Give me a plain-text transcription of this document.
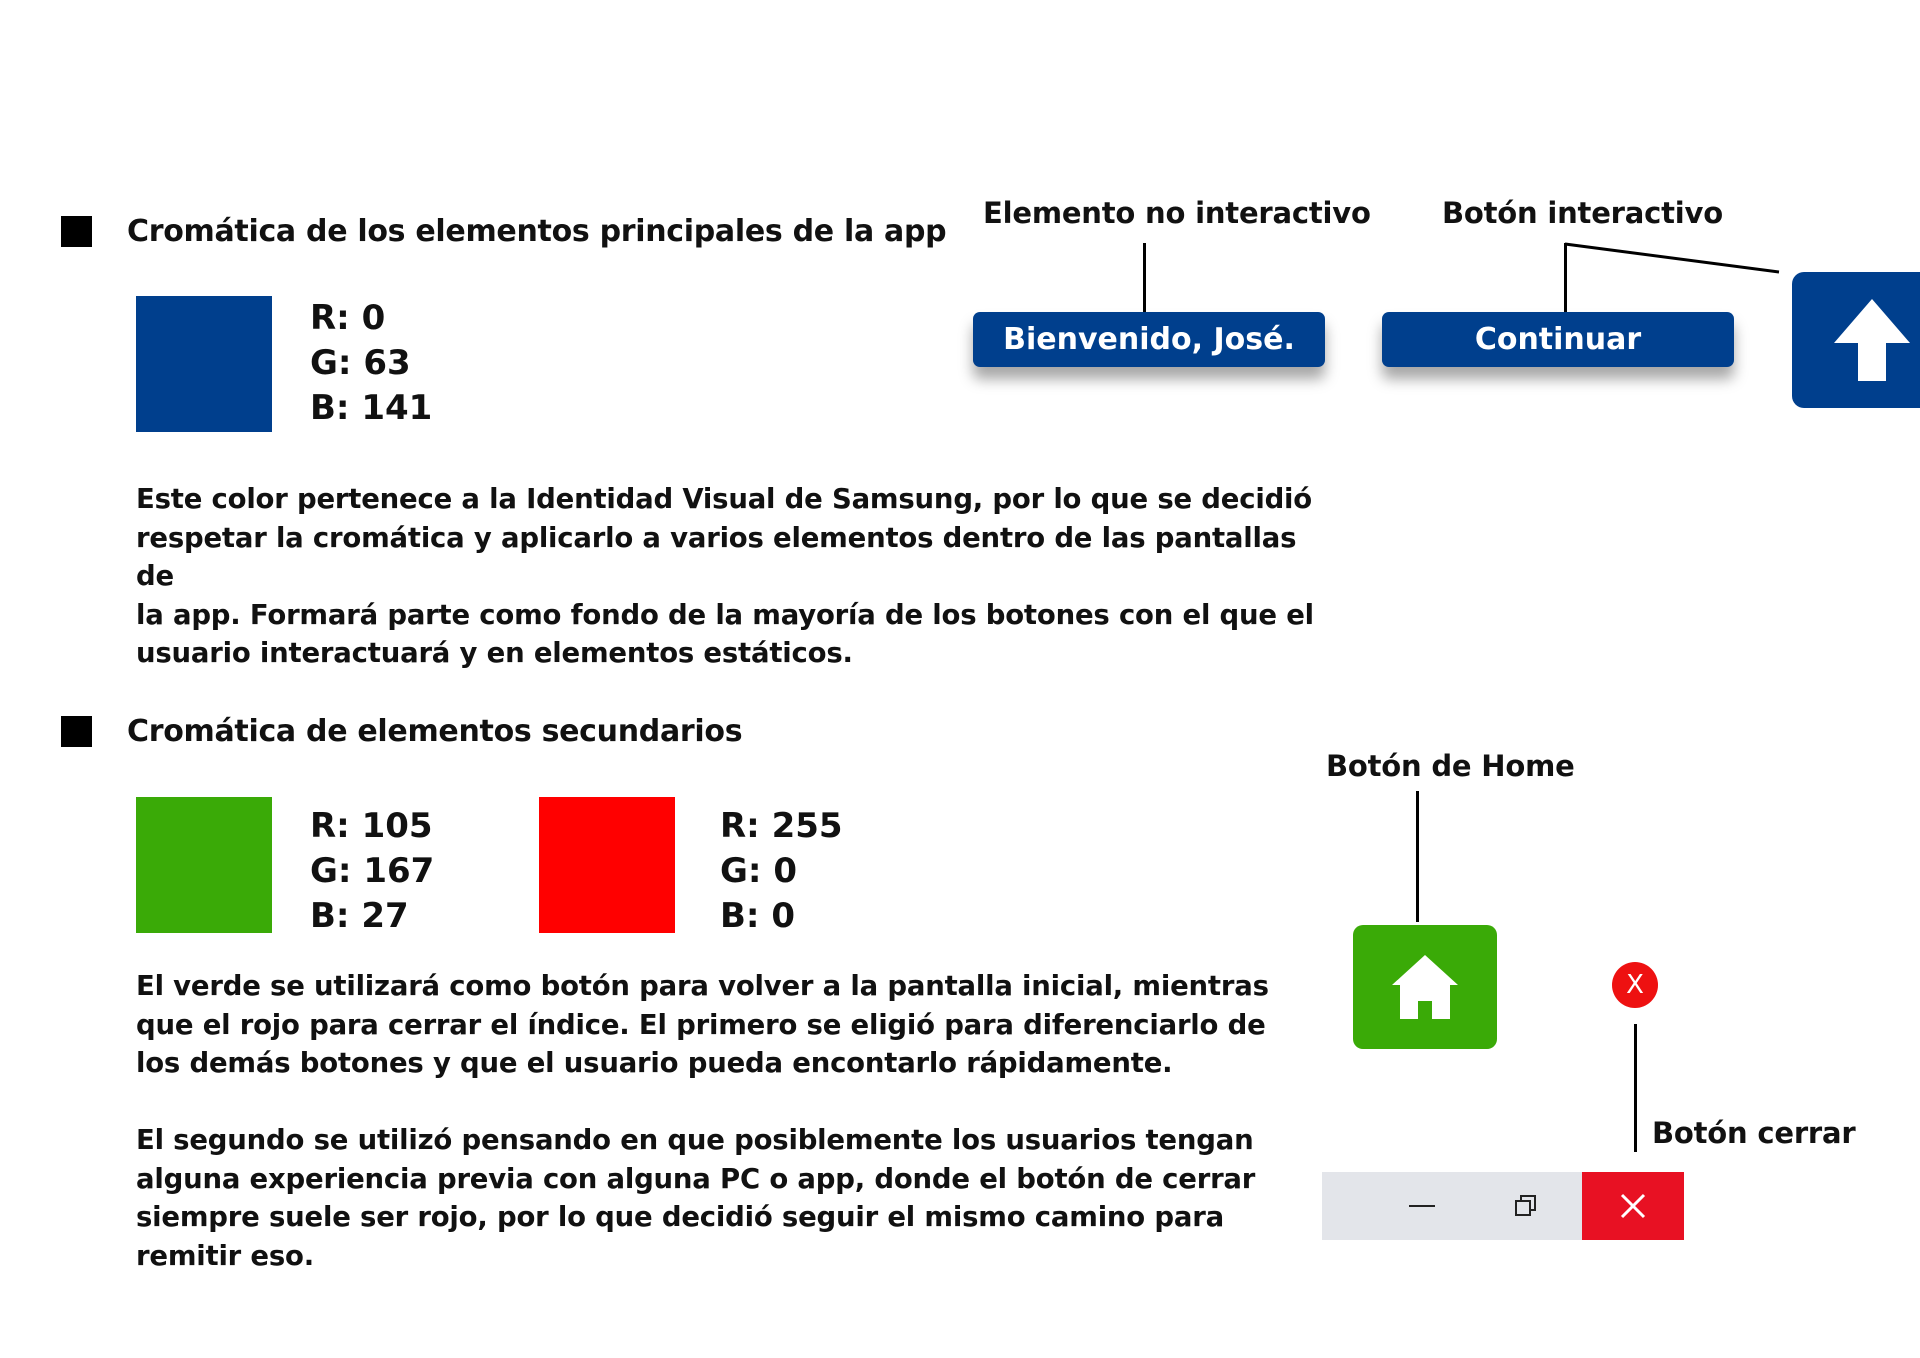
Cromática de los elementos principales de la app
R: 0
G: 63
B: 141
Este color pertenece a la Identidad Visual de Samsung, por lo que se decidió
respetar la cromática y aplicarlo a varios elementos dentro de las pantallas de
la app. Formará parte como fondo de la mayoría de los botones con el que el
usuario interactuará y en elementos estáticos.
Elemento no interactivo Botón interactivo
Bienvenido, José.	Continuar
Cromática de elementos secundarios
R: 105
G: 167
B: 27
R: 255
G: 0
B: 0
El verde se utilizará como botón para volver a la pantalla inicial, mientras
que el rojo para cerrar el índice. El primero se eligió para diferenciarlo de
los demás botones y que el usuario pueda encontarlo rápidamente.
El segundo se utilizó pensando en que posiblemente los usuarios tengan
alguna experiencia previa con alguna PC o app, donde el botón de cerrar
siempre suele ser rojo, por lo que decidió seguir el mismo camino para
remitir eso.
Botón de Home
X
Botón cerrar
